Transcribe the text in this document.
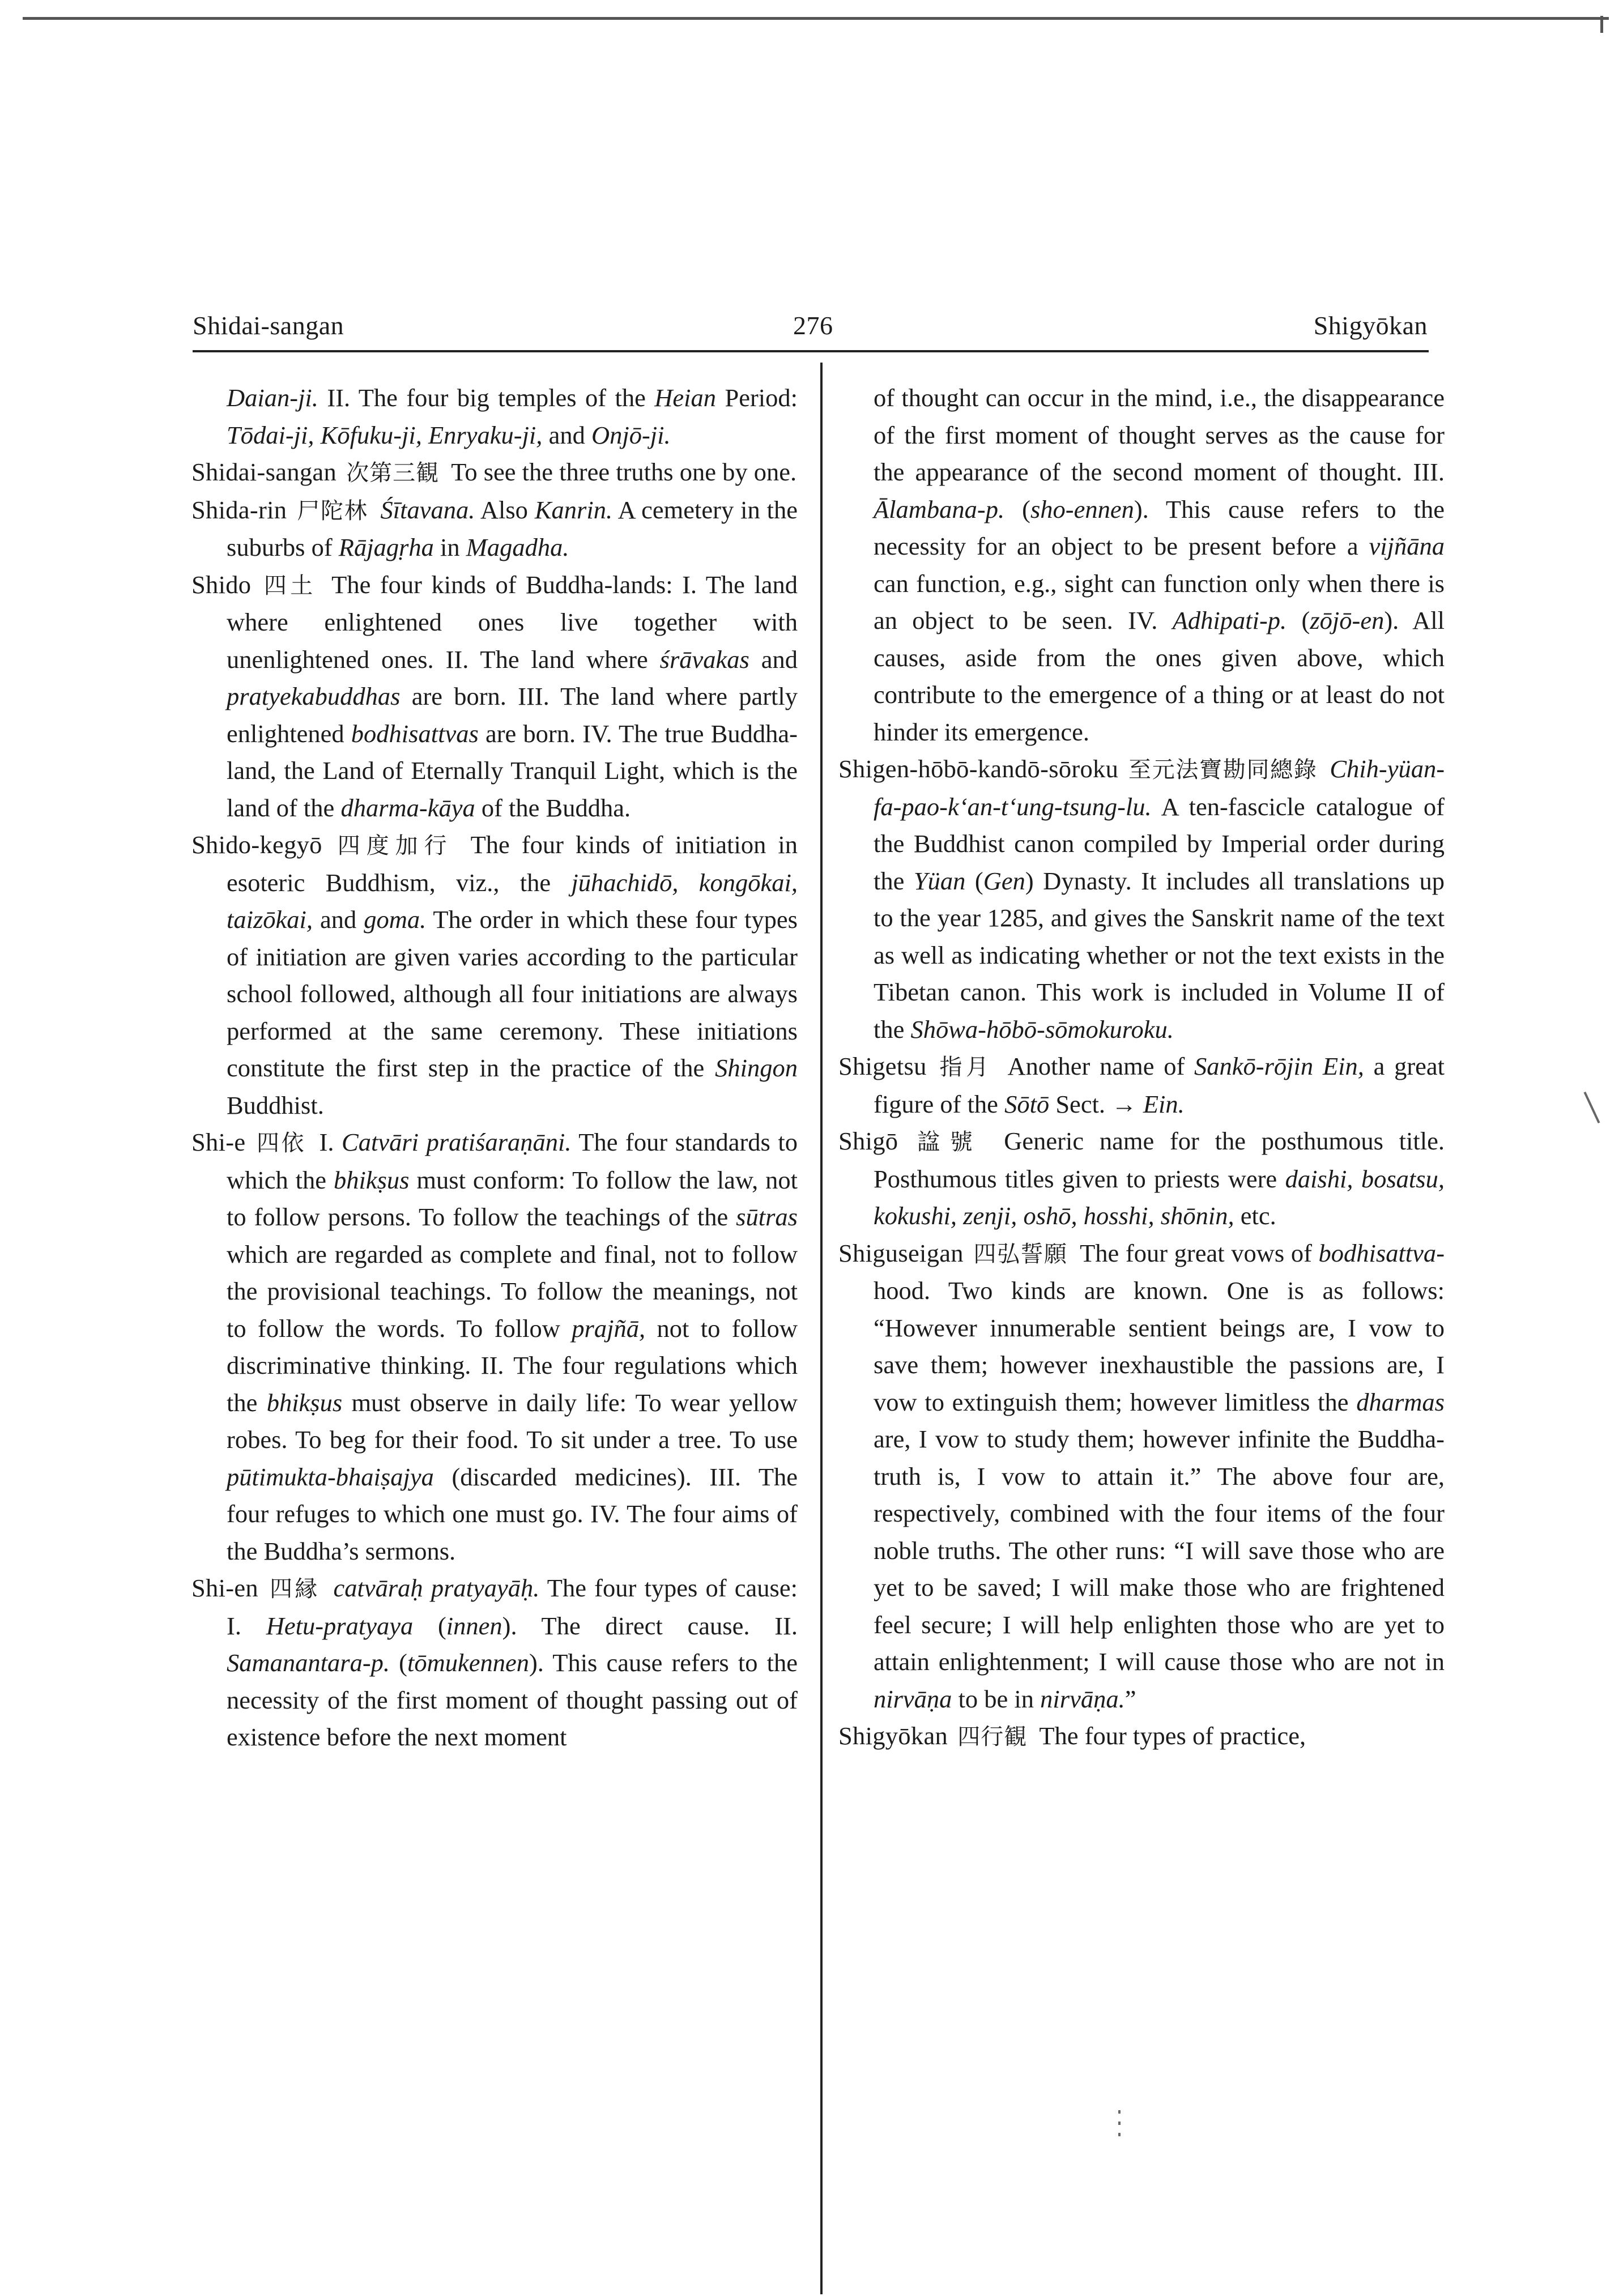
Shidai-sangan	276	Shigyōkan

Daian-ji. II. The four big temples of the Heian Period: Tōdai-ji, Kōfuku-ji, Enryaku-ji, and Onjō-ji.

Shidai-sangan 次第三観 To see the three truths one by one.

Shida-rin 尸陀林 Śītavana. Also Kanrin. A cemetery in the suburbs of Rājagṛha in Magadha.

Shido 四土 The four kinds of Buddha-lands: I. The land where enlightened ones live together with unenlightened ones. II. The land where śrāvakas and pratyekabuddhas are born. III. The land where partly enlightened bodhisattvas are born. IV. The true Buddha-land, the Land of Eternally Tranquil Light, which is the land of the dharma-kāya of the Buddha.

Shido-kegyō 四度加行 The four kinds of initiation in esoteric Buddhism, viz., the jūhachidō, kongōkai, taizōkai, and goma. The order in which these four types of initiation are given varies according to the particular school followed, although all four initiations are always performed at the same ceremony. These initiations constitute the first step in the practice of the Shingon Buddhist.

Shi-e 四依 I. Catvāri pratiśaraṇāni. The four standards to which the bhikṣus must conform: To follow the law, not to follow persons. To follow the teachings of the sūtras which are regarded as complete and final, not to follow the provisional teachings. To follow the meanings, not to follow the words. To follow prajñā, not to follow discriminative thinking. II. The four regulations which the bhikṣus must observe in daily life: To wear yellow robes. To beg for their food. To sit under a tree. To use pūtimukta-bhaiṣajya (discarded medicines). III. The four refuges to which one must go. IV. The four aims of the Buddha’s sermons.

Shi-en 四縁 catvāraḥ pratyayāḥ. The four types of cause: I. Hetu-pratyaya (innen). The direct cause. II. Samanantara-p. (tōmukennen). This cause refers to the necessity of the first moment of thought passing out of existence before the next moment

of thought can occur in the mind, i.e., the disappearance of the first moment of thought serves as the cause for the appearance of the second moment of thought. III. Ālambana-p. (sho-ennen). This cause refers to the necessity for an object to be present before a vijñāna can function, e.g., sight can function only when there is an object to be seen. IV. Adhipati-p. (zōjō-en). All causes, aside from the ones given above, which contribute to the emergence of a thing or at least do not hinder its emergence.

Shigen-hōbō-kandō-sōroku 至元法寶勘同總錄 Chih-yüan-fa-pao-k‘an-t‘ung-tsung-lu. A ten-fascicle catalogue of the Buddhist canon compiled by Imperial order during the Yüan (Gen) Dynasty. It includes all translations up to the year 1285, and gives the Sanskrit name of the text as well as indicating whether or not the text exists in the Tibetan canon. This work is included in Volume II of the Shōwa-hōbō-sōmokuroku.

Shigetsu 指月 Another name of Sankō-rōjin Ein, a great figure of the Sōtō Sect. → Ein.

Shigō 諡號 Generic name for the posthumous title. Posthumous titles given to priests were daishi, bosatsu, kokushi, zenji, oshō, hosshi, shōnin, etc.

Shiguseigan 四弘誓願 The four great vows of bodhisattva-hood. Two kinds are known. One is as follows: “However innumerable sentient beings are, I vow to save them; however inexhaustible the passions are, I vow to extinguish them; however limitless the dharmas are, I vow to study them; however infinite the Buddha-truth is, I vow to attain it.” The above four are, respectively, combined with the four items of the four noble truths. The other runs: “I will save those who are yet to be saved; I will make those who are frightened feel secure; I will help enlighten those who are yet to attain enlightenment; I will cause those who are not in nirvāṇa to be in nirvāṇa.”

Shigyōkan 四行観 The four types of practice,
